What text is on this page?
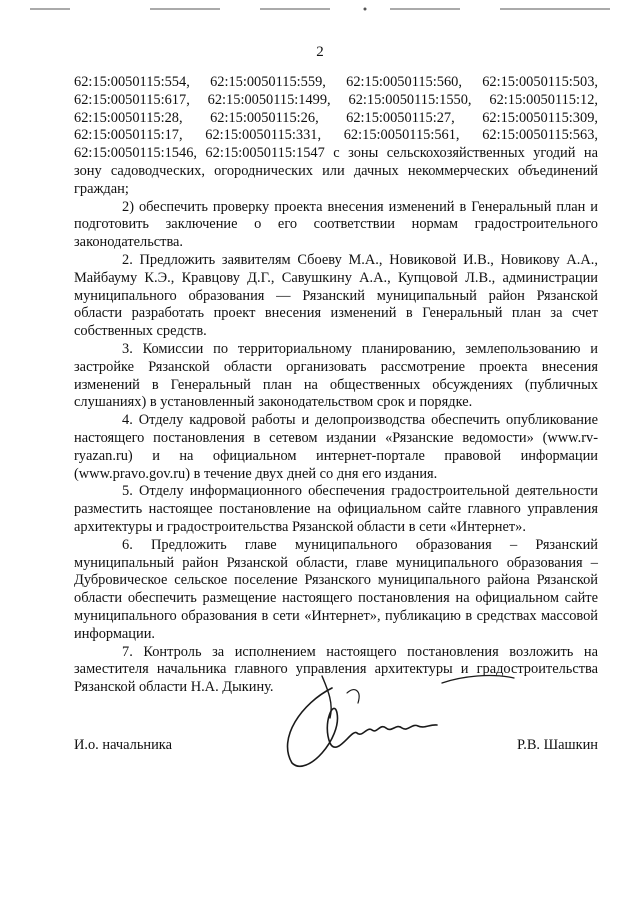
2

62:15:0050115:554, 62:15:0050115:559, 62:15:0050115:560, 62:15:0050115:503, 62:15:0050115:617, 62:15:0050115:1499, 62:15:0050115:1550, 62:15:0050115:12, 62:15:0050115:28, 62:15:0050115:26, 62:15:0050115:27, 62:15:0050115:309, 62:15:0050115:17, 62:15:0050115:331, 62:15:0050115:561, 62:15:0050115:563, 62:15:0050115:1546, 62:15:0050115:1547 с зоны сельскохозяйственных угодий на зону садоводческих, огороднических или дачных некоммерческих объединений граждан;

2) обеспечить проверку проекта внесения изменений в Генеральный план и подготовить заключение о его соответствии нормам градостроительного законодательства.

2. Предложить заявителям Сбоеву М.А., Новиковой И.В., Новикову А.А., Майбауму К.Э., Кравцову Д.Г., Савушкину А.А., Купцовой Л.В., администрации муниципального образования — Рязанский муниципальный район Рязанской области разработать проект внесения изменений в Генеральный план за счет собственных средств.

3. Комиссии по территориальному планированию, землепользованию и застройке Рязанской области организовать рассмотрение проекта внесения изменений в Генеральный план на общественных обсуждениях (публичных слушаниях) в установленный законодательством срок и порядке.

4. Отделу кадровой работы и делопроизводства обеспечить опубликование настоящего постановления в сетевом издании «Рязанские ведомости» (www.rv-ryazan.ru) и на официальном интернет-портале правовой информации (www.pravo.gov.ru) в течение двух дней со дня его издания.

5. Отделу информационного обеспечения градостроительной деятельности разместить настоящее постановление на официальном сайте главного управления архитектуры и градостроительства Рязанской области в сети «Интернет».

6. Предложить главе муниципального образования – Рязанский муниципальный район Рязанской области, главе муниципального образования – Дубровическое сельское поселение Рязанского муниципального района Рязанской области обеспечить размещение настоящего постановления на официальном сайте муниципального образования в сети «Интернет», публикацию в средствах массовой информации.

7. Контроль за исполнением настоящего постановления возложить на заместителя начальника главного управления архитектуры и градостроительства Рязанской области Н.А. Дыкину.

И.о. начальника	Р.В. Шашкин
